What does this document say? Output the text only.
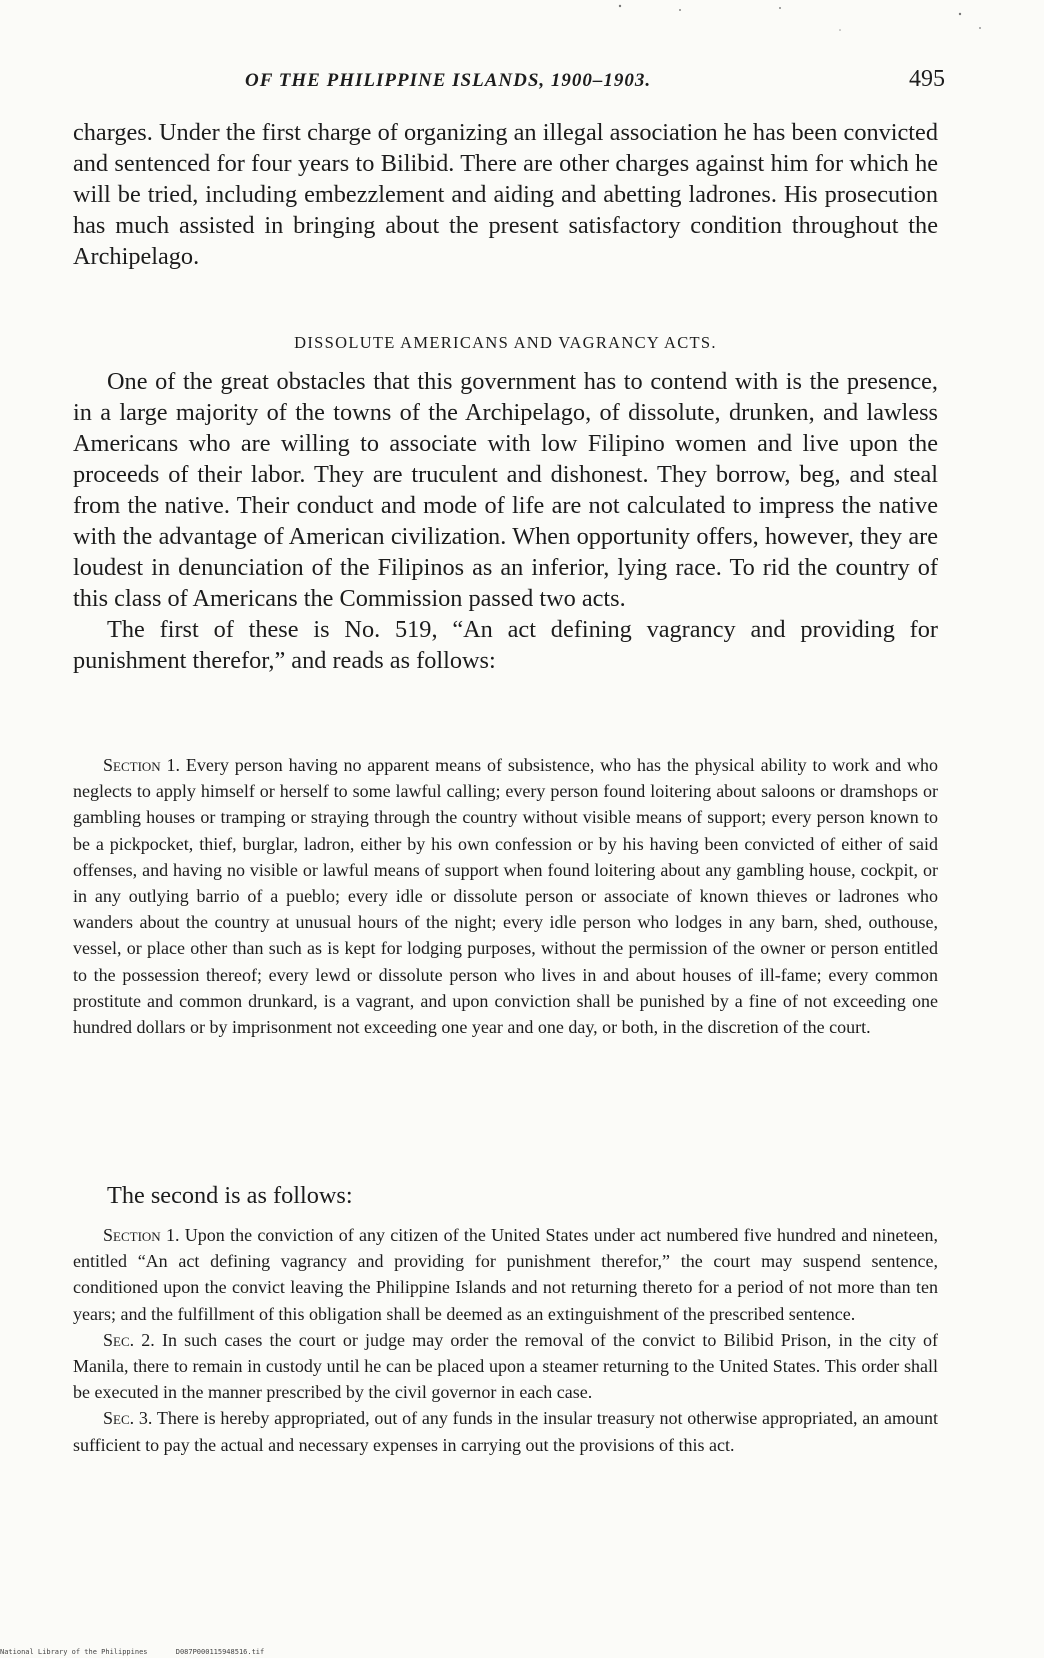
OF THE PHILIPPINE ISLANDS, 1900–1903.	495

charges. Under the first charge of organizing an illegal association he has been convicted and sentenced for four years to Bilibid. There are other charges against him for which he will be tried, including embezzlement and aiding and abetting ladrones. His prosecution has much assisted in bringing about the present satisfactory condition throughout the Archipelago.

DISSOLUTE AMERICANS AND VAGRANCY ACTS.

One of the great obstacles that this government has to contend with is the presence, in a large majority of the towns of the Archipelago, of dissolute, drunken, and lawless Americans who are willing to associate with low Filipino women and live upon the proceeds of their labor. They are truculent and dishonest. They borrow, beg, and steal from the native. Their conduct and mode of life are not calculated to impress the native with the advantage of American civilization. When opportunity offers, however, they are loudest in denunciation of the Filipinos as an inferior, lying race. To rid the country of this class of Americans the Commission passed two acts.

The first of these is No. 519, “An act defining vagrancy and providing for punishment therefor,” and reads as follows:

Section 1. Every person having no apparent means of subsistence, who has the physical ability to work and who neglects to apply himself or herself to some lawful calling; every person found loitering about saloons or dramshops or gambling houses or tramping or straying through the country without visible means of support; every person known to be a pickpocket, thief, burglar, ladron, either by his own confession or by his having been convicted of either of said offenses, and having no visible or lawful means of support when found loitering about any gambling house, cockpit, or in any outlying barrio of a pueblo; every idle or dissolute person or associate of known thieves or ladrones who wanders about the country at unusual hours of the night; every idle person who lodges in any barn, shed, outhouse, vessel, or place other than such as is kept for lodging purposes, without the permission of the owner or person entitled to the possession thereof; every lewd or dissolute person who lives in and about houses of ill-fame; every common prostitute and common drunkard, is a vagrant, and upon conviction shall be punished by a fine of not exceeding one hundred dollars or by imprisonment not exceeding one year and one day, or both, in the discretion of the court.

The second is as follows:

Section 1. Upon the conviction of any citizen of the United States under act numbered five hundred and nineteen, entitled “An act defining vagrancy and providing for punishment therefor,” the court may suspend sentence, conditioned upon the convict leaving the Philippine Islands and not returning thereto for a period of not more than ten years; and the fulfillment of this obligation shall be deemed as an extinguishment of the prescribed sentence.

Sec. 2. In such cases the court or judge may order the removal of the convict to Bilibid Prison, in the city of Manila, there to remain in custody until he can be placed upon a steamer returning to the United States. This order shall be executed in the manner prescribed by the civil governor in each case.

Sec. 3. There is hereby appropriated, out of any funds in the insular treasury not otherwise appropriated, an amount sufficient to pay the actual and necessary expenses in carrying out the provisions of this act.

National Library of the Philippines	D087P000115948516.tif
